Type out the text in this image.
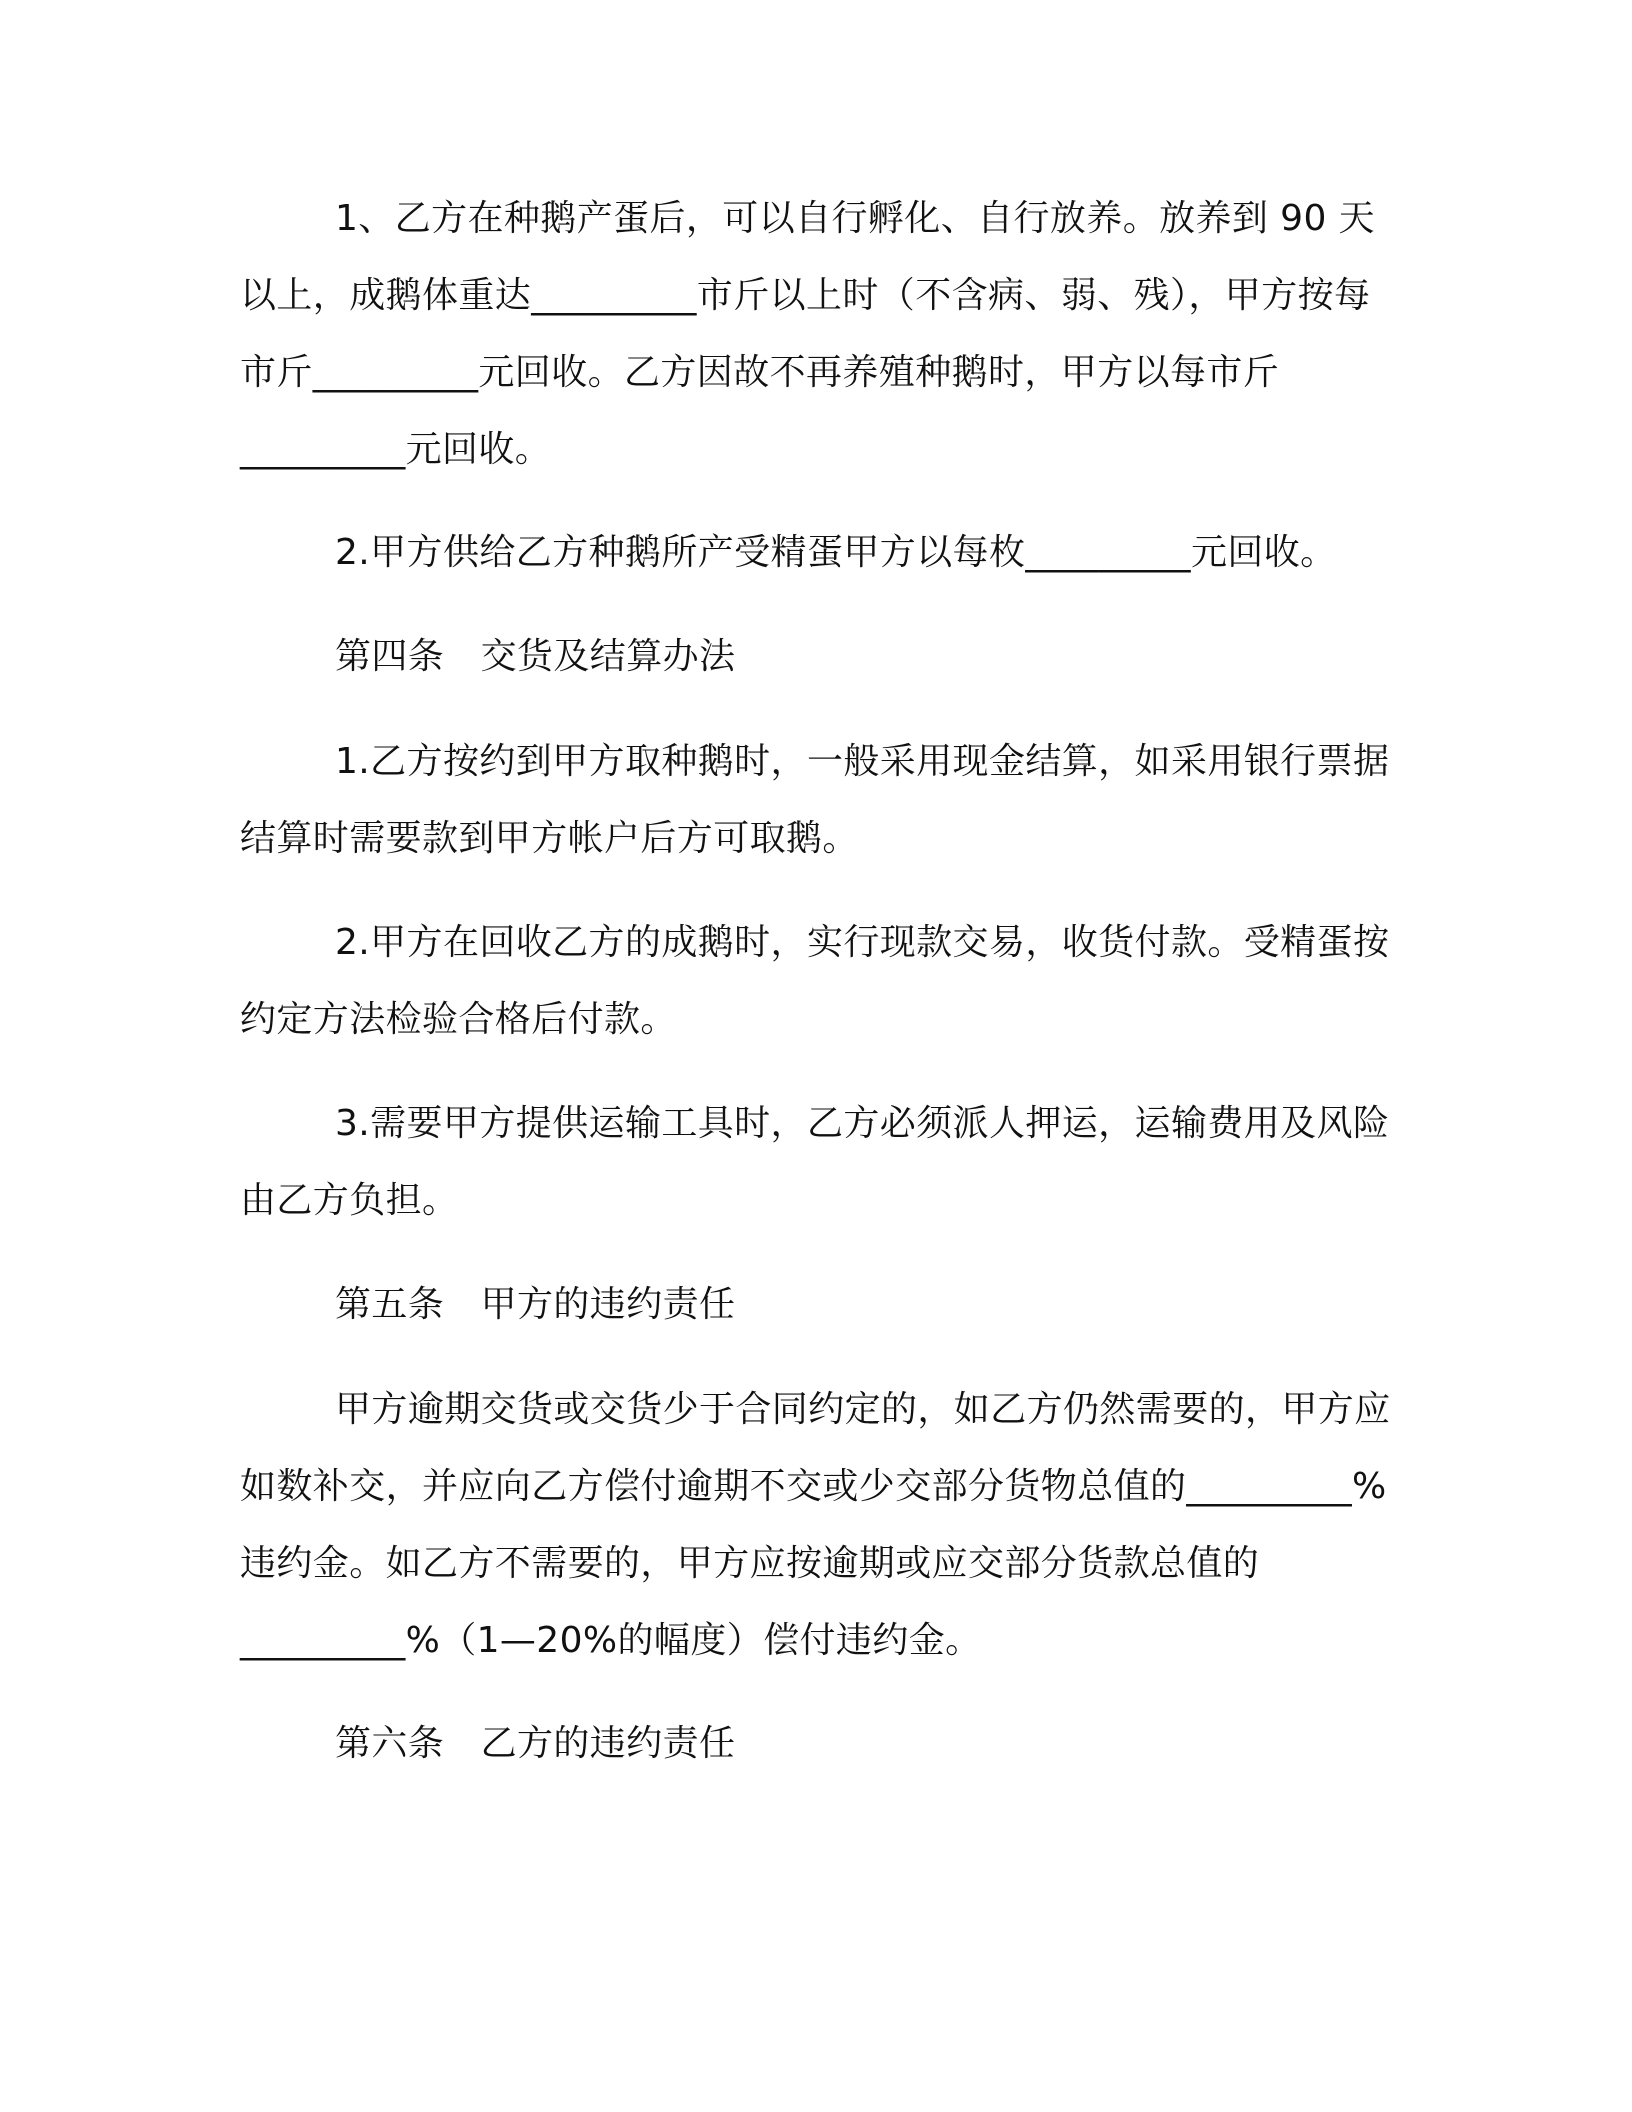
1、乙方在种鹅产蛋后，可以自行孵化、自行放养。放养到 90 天以上，成鹅体重达_________市斤以上时（不含病、弱、残），甲方按每市斤_________元回收。乙方因故不再养殖种鹅时，甲方以每市斤_________元回收。

2.甲方供给乙方种鹅所产受精蛋甲方以每枚_________元回收。

第四条　交货及结算办法

1.乙方按约到甲方取种鹅时，一般采用现金结算，如采用银行票据结算时需要款到甲方帐户后方可取鹅。

2.甲方在回收乙方的成鹅时，实行现款交易，收货付款。受精蛋按约定方法检验合格后付款。

3.需要甲方提供运输工具时，乙方必须派人押运，运输费用及风险由乙方负担。

第五条　甲方的违约责任

甲方逾期交货或交货少于合同约定的，如乙方仍然需要的，甲方应如数补交，并应向乙方偿付逾期不交或少交部分货物总值的_________%违约金。如乙方不需要的，甲方应按逾期或应交部分货款总值的_________%（1—20%的幅度）偿付违约金。

第六条　乙方的违约责任
